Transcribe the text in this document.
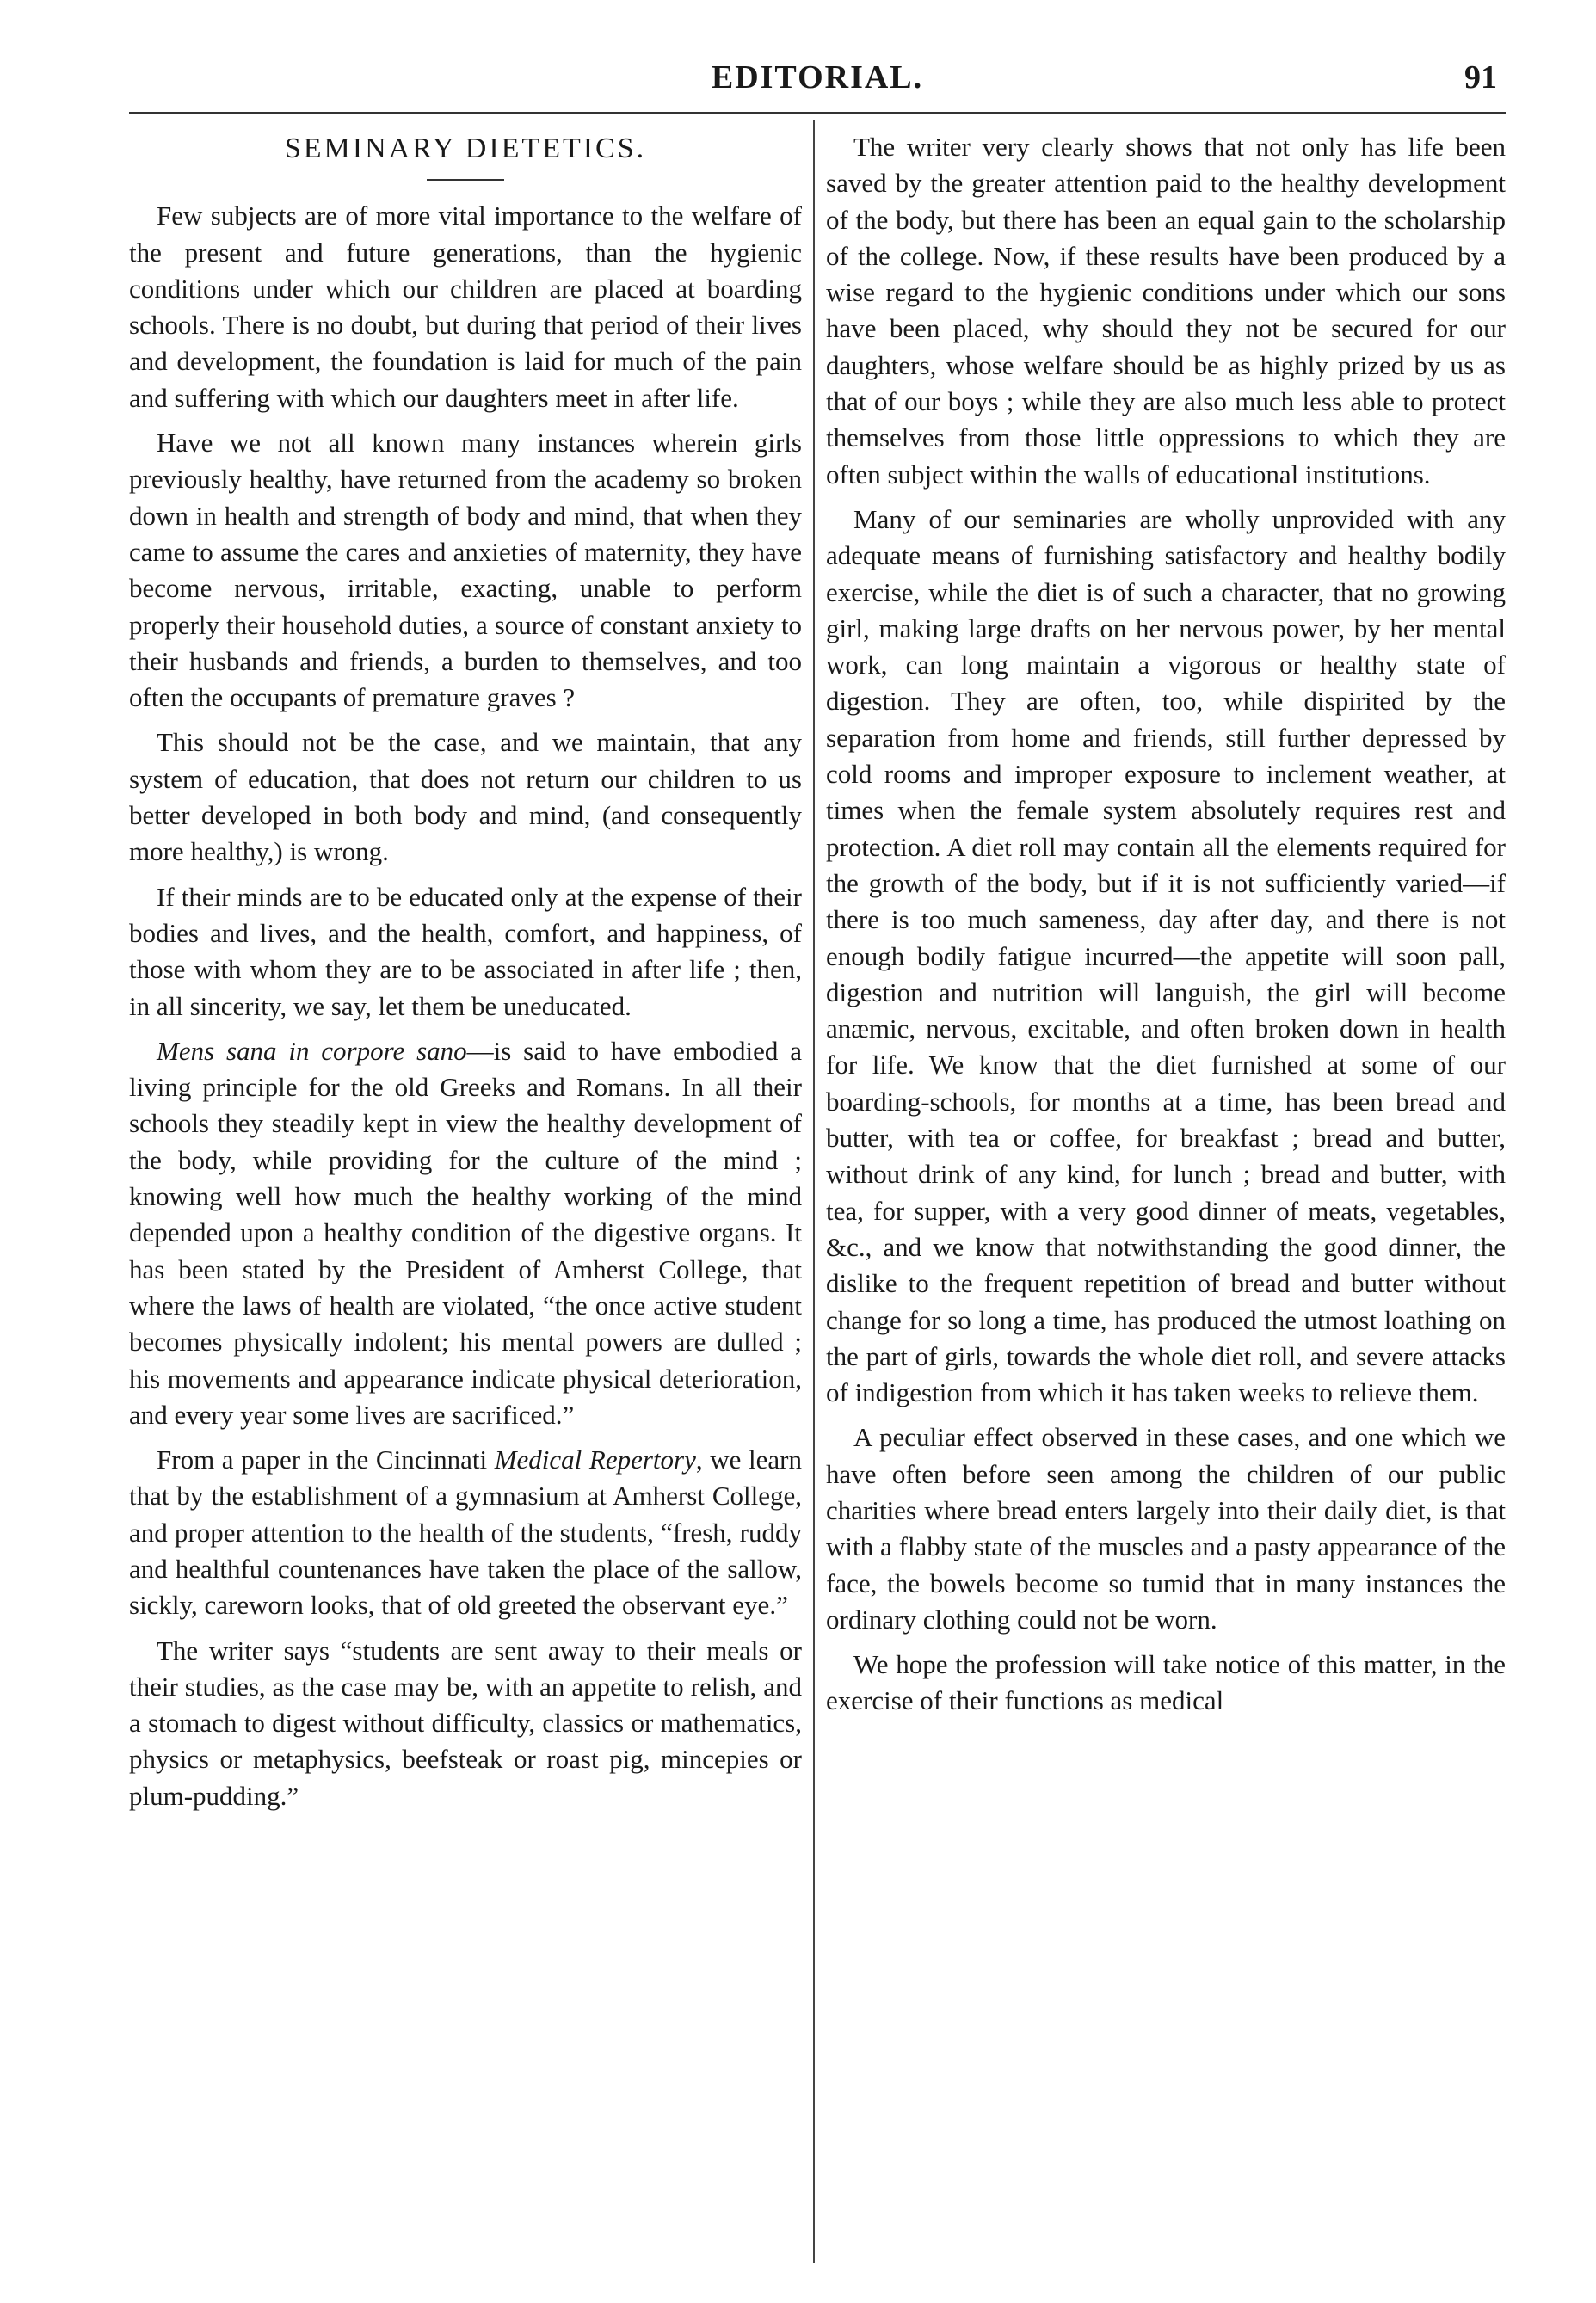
EDITORIAL.	91
SEMINARY DIETETICS.

Few subjects are of more vital importance to the welfare of the present and future generations, than the hygienic conditions under which our children are placed at boarding schools. There is no doubt, but during that period of their lives and development, the foundation is laid for much of the pain and suffering with which our daughters meet in after life.

Have we not all known many instances wherein girls previously healthy, have returned from the academy so broken down in health and strength of body and mind, that when they came to assume the cares and anxieties of maternity, they have become nervous, irritable, exacting, unable to perform properly their household duties, a source of constant anxiety to their husbands and friends, a burden to themselves, and too often the occupants of premature graves ?

This should not be the case, and we maintain, that any system of education, that does not return our children to us better developed in both body and mind, (and consequently more healthy,) is wrong.

If their minds are to be educated only at the expense of their bodies and lives, and the health, comfort, and happiness, of those with whom they are to be associated in after life ; then, in all sincerity, we say, let them be uneducated.

Mens sana in corpore sano—is said to have embodied a living principle for the old Greeks and Romans. In all their schools they steadily kept in view the healthy development of the body, while providing for the culture of the mind ; knowing well how much the healthy working of the mind depended upon a healthy condition of the digestive organs. It has been stated by the President of Amherst College, that where the laws of health are violated, “the once active student becomes physically indolent; his mental powers are dulled ; his movements and appearance indicate physical deterioration, and every year some lives are sacrificed.”

From a paper in the Cincinnati Medical Repertory, we learn that by the establishment of a gymnasium at Amherst College, and proper attention to the health of the students, “fresh, ruddy and healthful countenances have taken the place of the sallow, sickly, careworn looks, that of old greeted the observant eye.”

The writer says “students are sent away to their meals or their studies, as the case may be, with an appetite to relish, and a stomach to digest without difficulty, classics or mathematics, physics or metaphysics, beefsteak or roast pig, mincepies or plum-pudding.”

The writer very clearly shows that not only has life been saved by the greater attention paid to the healthy development of the body, but there has been an equal gain to the scholarship of the college. Now, if these results have been produced by a wise regard to the hygienic conditions under which our sons have been placed, why should they not be secured for our daughters, whose welfare should be as highly prized by us as that of our boys ; while they are also much less able to protect themselves from those little oppressions to which they are often subject within the walls of educational institutions.

Many of our seminaries are wholly unprovided with any adequate means of furnishing satisfactory and healthy bodily exercise, while the diet is of such a character, that no growing girl, making large drafts on her nervous power, by her mental work, can long maintain a vigorous or healthy state of digestion. They are often, too, while dispirited by the separation from home and friends, still further depressed by cold rooms and improper exposure to inclement weather, at times when the female system absolutely requires rest and protection. A diet roll may contain all the elements required for the growth of the body, but if it is not sufficiently varied—if there is too much sameness, day after day, and there is not enough bodily fatigue incurred—the appetite will soon pall, digestion and nutrition will languish, the girl will become anæmic, nervous, excitable, and often broken down in health for life. We know that the diet furnished at some of our boarding-schools, for months at a time, has been bread and butter, with tea or coffee, for breakfast ; bread and butter, without drink of any kind, for lunch ; bread and butter, with tea, for supper, with a very good dinner of meats, vegetables, &c., and we know that notwithstanding the good dinner, the dislike to the frequent repetition of bread and butter without change for so long a time, has produced the utmost loathing on the part of girls, towards the whole diet roll, and severe attacks of indigestion from which it has taken weeks to relieve them.

A peculiar effect observed in these cases, and one which we have often before seen among the children of our public charities where bread enters largely into their daily diet, is that with a flabby state of the muscles and a pasty appearance of the face, the bowels become so tumid that in many instances the ordinary clothing could not be worn.

We hope the profession will take notice of this matter, in the exercise of their functions as medical
